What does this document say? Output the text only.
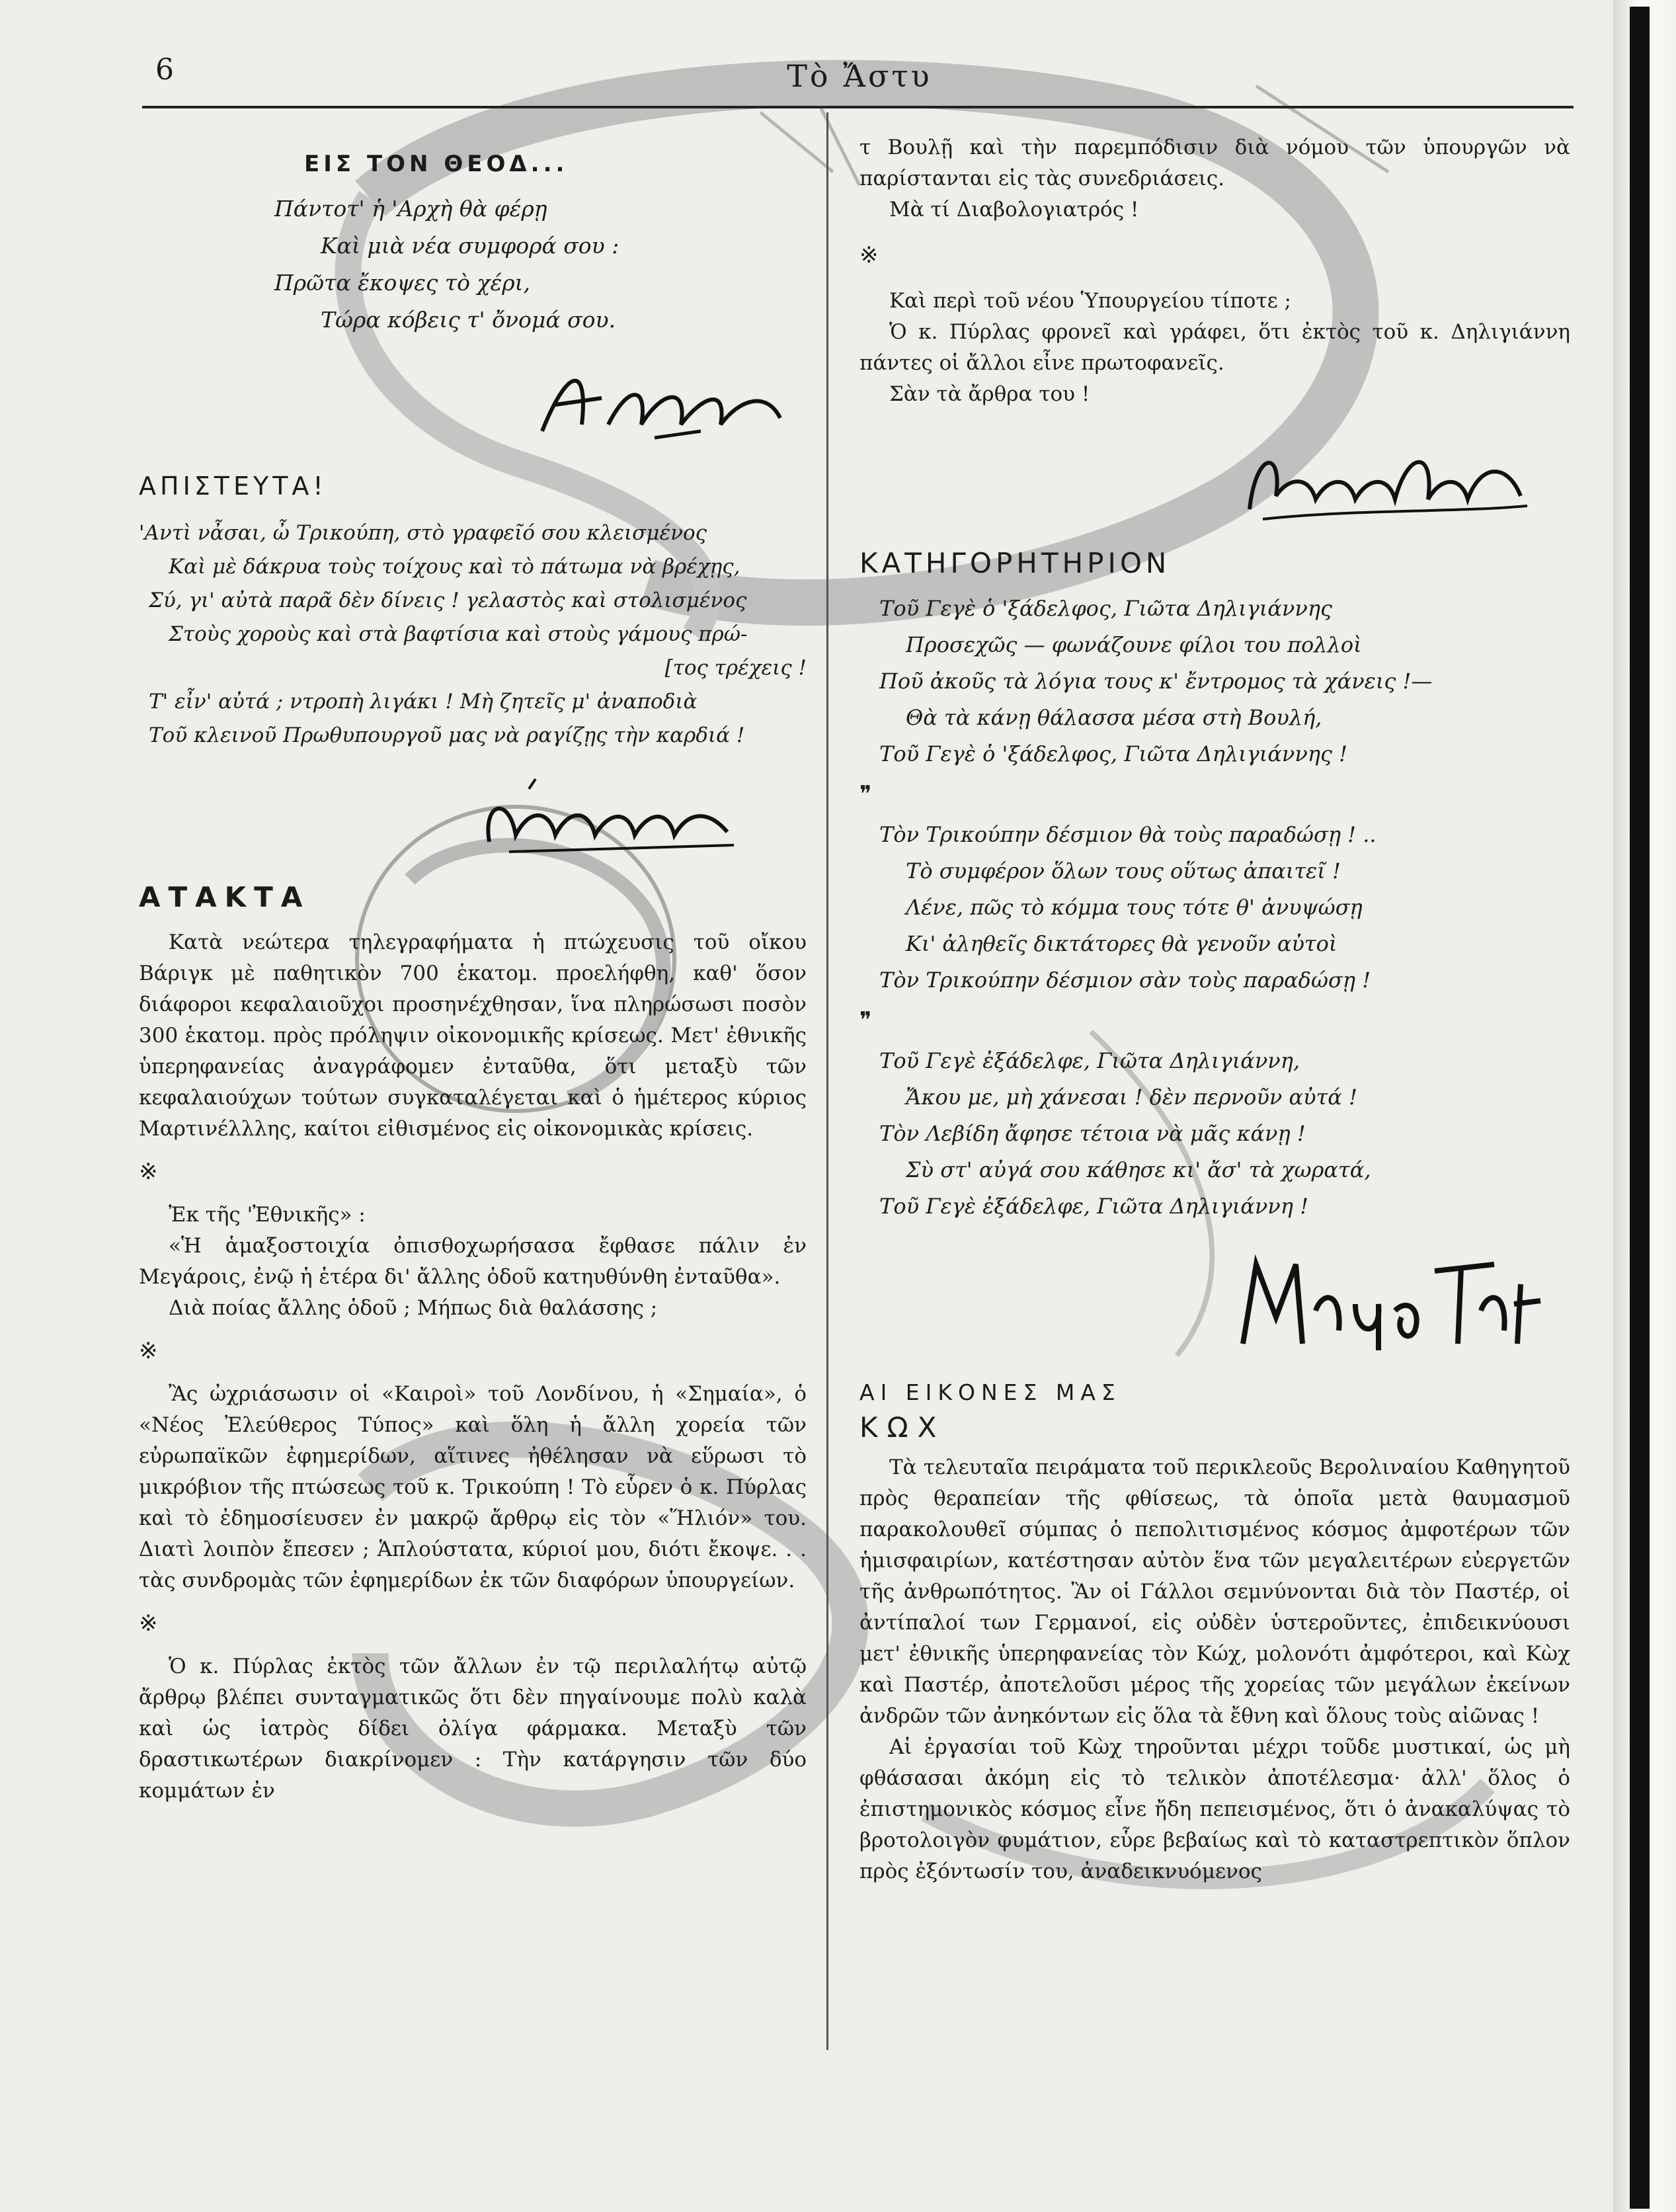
6	Τὸ Ἄστυ

ΕΙΣ ΤΟΝ ΘΕΟΔ...

Πάντοτ' ἡ 'Αρχὴ θὰ φέρῃ

Καὶ μιὰ νέα συμφορά σου :

Πρῶτα ἔκοψες τὸ χέρι,

Τώρα κόβεις τ' ὄνομά σου.

ΑΠΙΣΤΕΥΤΑ!

'Αντὶ νἆσαι, ὦ Τρικούπη, στὸ γραφεῖό σου κλεισμένος

Καὶ μὲ δάκρυα τοὺς τοίχους καὶ τὸ πάτωμα νὰ βρέχῃς,

Σύ, γι' αὐτὰ παρᾶ δὲν δίνεις ! γελαστὸς καὶ στολισμένος

Στοὺς χοροὺς καὶ στὰ βαφτίσια καὶ στοὺς γάμους πρώ-

[τος τρέχεις !

Τ' εἶν' αὐτά ; ντροπὴ λιγάκι ! Μὴ ζητεῖς μ' ἀναποδιὰ

Τοῦ κλεινοῦ Πρωθυπουργοῦ μας νὰ ραγίζῃς τὴν καρδιά !

ΑΤΑΚΤΑ

Κατὰ νεώτερα τηλεγραφήματα ἡ πτώχευσις τοῦ οἴκου Βάριγκ μὲ παθητικὸν 700 ἑκατομ. προελήφθη, καθ' ὅσον διάφοροι κεφαλαιοῦχοι προσηνέχθησαν, ἵνα πληρώσωσι ποσὸν 300 ἑκατομ. πρὸς πρόληψιν οἰκονομικῆς κρίσεως. Μετ' ἐθνικῆς ὑπερηφανείας ἀναγράφομεν ἐνταῦθα, ὅτι μεταξὺ τῶν κεφαλαιούχων τούτων συγκαταλέγεται καὶ ὁ ἡμέτερος κύριος Μαρτινέλλλης, καίτοι εἰθισμένος εἰς οἰκονομικὰς κρίσεις.

※

Ἐκ τῆς 'Ἐθνικῆς» :

«Ἡ ἁμαξοστοιχία ὀπισθοχωρήσασα ἔφθασε πάλιν ἐν Μεγάροις, ἐνῷ ἡ ἑτέρα δι' ἄλλης ὁδοῦ κατηυθύνθη ἐνταῦθα».

Διὰ ποίας ἄλλης ὁδοῦ ; Μήπως διὰ θαλάσσης ;

※

Ἂς ὠχριάσωσιν οἱ «Καιροὶ» τοῦ Λονδίνου, ἡ «Σημαία», ὁ «Νέος Ἐλεύθερος Τύπος» καὶ ὅλη ἡ ἄλλη χορεία τῶν εὐρωπαϊκῶν ἐφημερίδων, αἵτινες ἠθέλησαν νὰ εὕρωσι τὸ μικρόβιον τῆς πτώσεως τοῦ κ. Τρικούπη ! Τὸ εὗρεν ὁ κ. Πύρλας καὶ τὸ ἐδημοσίευσεν ἐν μακρῷ ἄρθρῳ εἰς τὸν «Ἥλιόν» του. Διατὶ λοιπὸν ἔπεσεν ; Ἁπλούστατα, κύριοί μου, διότι ἔκοψε. . . τὰς συνδρομὰς τῶν ἐφημερίδων ἐκ τῶν διαφόρων ὑπουργείων.

※

Ὁ κ. Πύρλας ἐκτὸς τῶν ἄλλων ἐν τῷ περιλαλήτῳ αὐτῷ ἄρθρῳ βλέπει συνταγματικῶς ὅτι δὲν πηγαίνουμε πολὺ καλὰ καὶ ὡς ἰατρὸς δίδει ὀλίγα φάρμακα. Μεταξὺ τῶν δραστικωτέρων διακρίνομεν : Τὴν κατάργησιν τῶν δύο κομμάτων ἐν

τ Βουλῇ καὶ τὴν παρεμπόδισιν διὰ νόμου τῶν ὑπουργῶν νὰ παρίστανται εἰς τὰς συνεδριάσεις.

Μὰ τί Διαβολογιατρός !

※

Καὶ περὶ τοῦ νέου Ὑπουργείου τίποτε ;

Ὁ κ. Πύρλας φρονεῖ καὶ γράφει, ὅτι ἐκτὸς τοῦ κ. Δηλιγιάννη πάντες οἱ ἄλλοι εἶνε πρωτοφανεῖς.

Σὰν τὰ ἄρθρα του !

ΚΑΤΗΓΟΡΗΤΗΡΙΟΝ

Τοῦ Γεγὲ ὁ 'ξάδελφος, Γιῶτα Δηλιγιάννης

Προσεχῶς — φωνάζουνε φίλοι του πολλοὶ

Ποῦ ἀκοῦς τὰ λόγια τους κ' ἔντρομος τὰ χάνεις !—

Θὰ τὰ κάνῃ θάλασσα μέσα στὴ Βουλή,

Τοῦ Γεγὲ ὁ 'ξάδελφος, Γιῶτα Δηλιγιάννης !

❞

Τὸν Τρικούπην δέσμιον θὰ τοὺς παραδώσῃ ! ..

Τὸ συμφέρον ὅλων τους οὕτως ἀπαιτεῖ !

Λένε, πῶς τὸ κόμμα τους τότε θ' ἀνυψώσῃ

Κι' ἀληθεῖς δικτάτορες θὰ γενοῦν αὐτοὶ

Τὸν Τρικούπην δέσμιον σὰν τοὺς παραδώσῃ !

❞

Τοῦ Γεγὲ ἐξάδελφε, Γιῶτα Δηλιγιάννη,

Ἄκου με, μὴ χάνεσαι ! δὲν περνοῦν αὐτά !

Τὸν Λεβίδη ἄφησε τέτοια νὰ μᾶς κάνῃ !

Σὺ στ' αὐγά σου κάθησε κι' ἄσ' τὰ χωρατά,

Τοῦ Γεγὲ ἐξάδελφε, Γιῶτα Δηλιγιάννη !

ΑΙ ΕΙΚΟΝΕΣ ΜΑΣ

ΚΩΧ

Τὰ τελευταῖα πειράματα τοῦ περικλεοῦς Βερολιναίου Καθηγητοῦ πρὸς θεραπείαν τῆς φθίσεως, τὰ ὁποῖα μετὰ θαυμασμοῦ παρακολουθεῖ σύμπας ὁ πεπολιτισμένος κόσμος ἀμφοτέρων τῶν ἡμισφαιρίων, κατέστησαν αὐτὸν ἕνα τῶν μεγαλειτέρων εὐεργετῶν τῆς ἀνθρωπότητος. Ἂν οἱ Γάλλοι σεμνύνονται διὰ τὸν Παστέρ, οἱ ἀντίπαλοί των Γερμανοί, εἰς οὐδὲν ὑστεροῦντες, ἐπιδεικνύουσι μετ' ἐθνικῆς ὑπερηφανείας τὸν Κώχ, μολονότι ἀμφότεροι, καὶ Κὼχ καὶ Παστέρ, ἀποτελοῦσι μέρος τῆς χορείας τῶν μεγάλων ἐκείνων ἀνδρῶν τῶν ἀνηκόντων εἰς ὅλα τὰ ἔθνη καὶ ὅλους τοὺς αἰῶνας !

Αἱ ἐργασίαι τοῦ Κὼχ τηροῦνται μέχρι τοῦδε μυστικαί, ὡς μὴ φθάσασαι ἀκόμη εἰς τὸ τελικὸν ἀποτέλεσμα· ἀλλ' ὅλος ὁ ἐπιστημονικὸς κόσμος εἶνε ἤδη πεπεισμένος, ὅτι ὁ ἀνακαλύψας τὸ βροτολοιγὸν φυμάτιον, εὗρε βεβαίως καὶ τὸ καταστρεπτικὸν ὅπλον πρὸς ἐξόντωσίν του, ἀναδεικνυόμενος
